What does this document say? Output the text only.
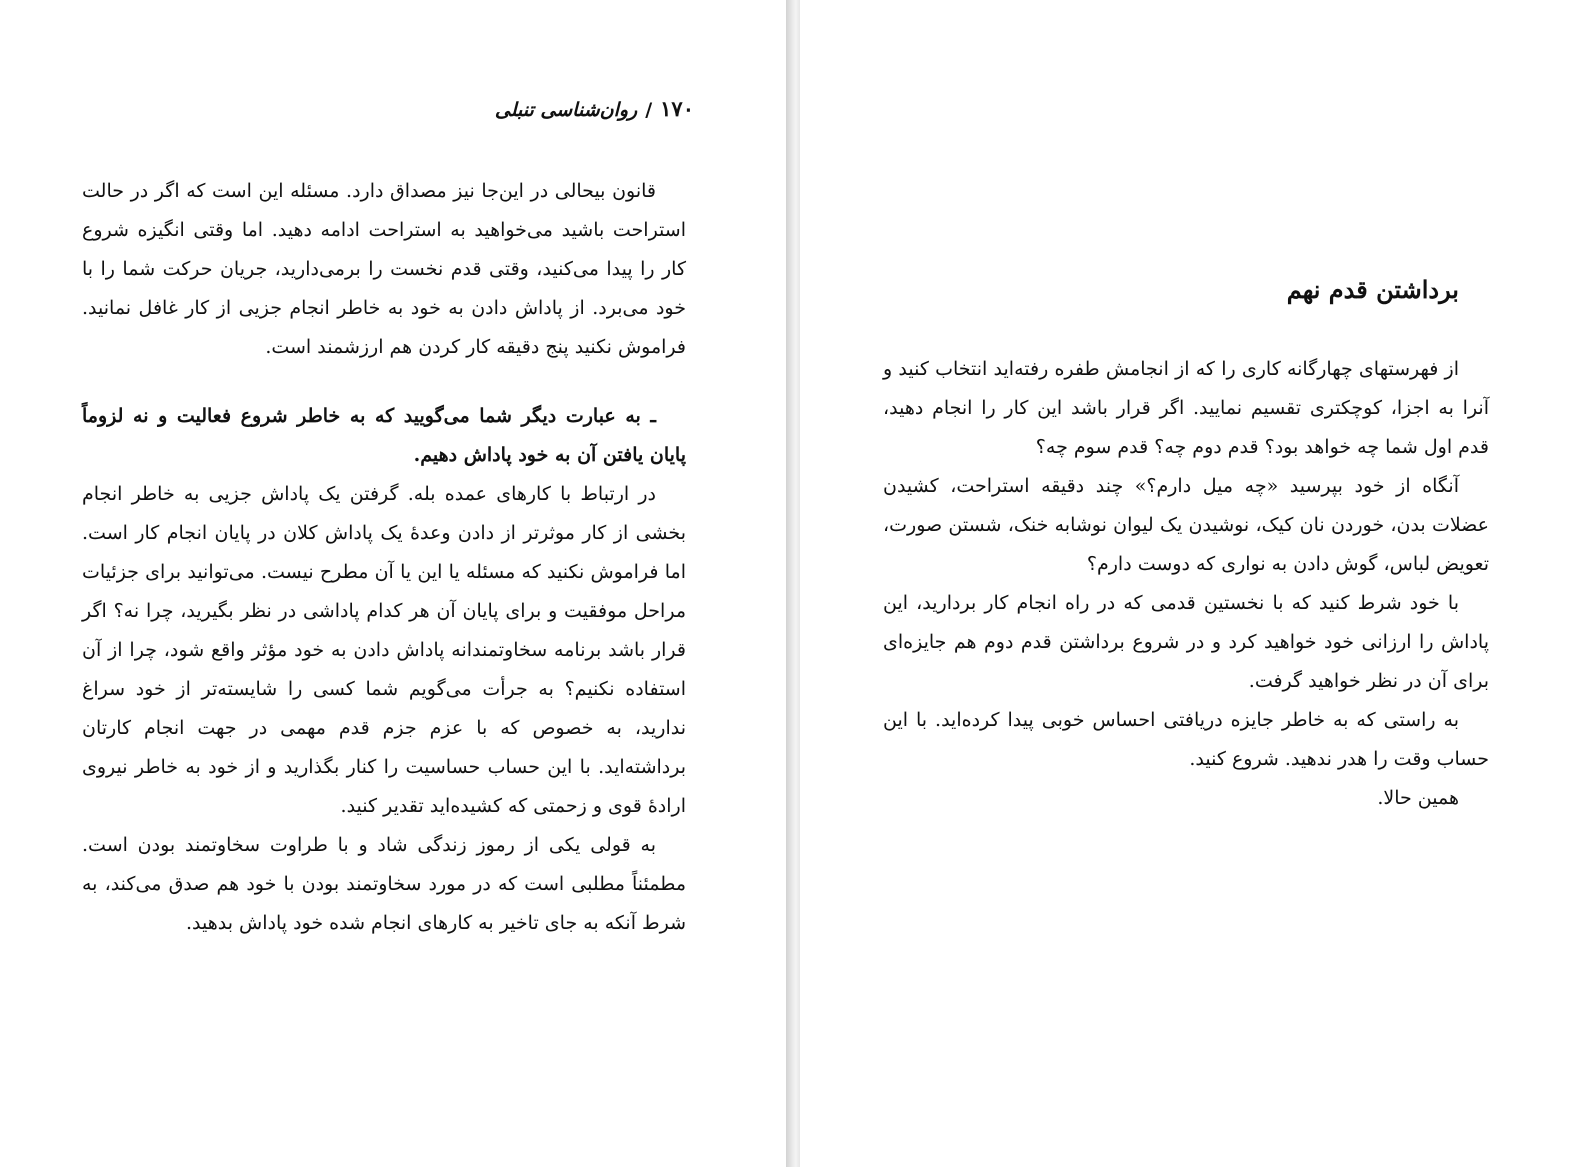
۱۷۰/روان‌شناسی تنبلی

قانون بیحالی در این‌جا نیز مصداق دارد. مسئله این است که اگر در حالت استراحت باشید می‌خواهید به استراحت ادامه دهید. اما وقتی انگیزه شروع کار را پیدا می‌کنید، وقتی قدم نخست را برمی‌دارید، جریان حرکت شما را با خود می‌برد. از پاداش دادن به خود به خاطر انجام جزیی از کار غافل نمانید. فراموش نکنید پنج دقیقه کار کردن هم ارزشمند است.

ـ به عبارت دیگر شما می‌گویید که به خاطر شروع فعالیت و نه لزوماً پایان یافتن آن به خود پاداش دهیم.

در ارتباط با کارهای عمده بله. گرفتن یک پاداش جزیی به خاطر انجام بخشی از کار موثرتر از دادن وعدهٔ یک پاداش کلان در پایان انجام کار است. اما فراموش نکنید که مسئله یا این یا آن مطرح نیست. می‌توانید برای جزئیات مراحل موفقیت و برای پایان آن هر کدام پاداشی در نظر بگیرید، چرا نه؟ اگر قرار باشد برنامه سخاوتمندانه پاداش دادن به خود مؤثر واقع شود، چرا از آن استفاده نکنیم؟ به جرأت می‌گویم شما کسی را شایسته‌تر از خود سراغ ندارید، به خصوص که با عزم جزم قدم مهمی در جهت انجام کارتان برداشته‌اید. با این حساب حساسیت را کنار بگذارید و از خود به خاطر نیروی ارادهٔ قوی و زحمتی که کشیده‌اید تقدیر کنید.

به قولی یکی از رموز زندگی شاد و با طراوت سخاوتمند بودن است. مطمئناً مطلبی است که در مورد سخاوتمند بودن با خود هم صدق می‌کند، به شرط آنکه به جای تاخیر به کارهای انجام شده خود پاداش بدهید.

برداشتن قدم نهم

از فهرستهای چهارگانه کاری را که از انجامش طفره رفته‌اید انتخاب کنید و آنرا به اجزا، کوچکتری تقسیم نمایید. اگر قرار باشد این کار را انجام دهید، قدم اول شما چه خواهد بود؟ قدم دوم چه؟ قدم سوم چه؟

آنگاه از خود بپرسید «چه میل دارم؟» چند دقیقه استراحت، کشیدن عضلات بدن، خوردن نان کیک، نوشیدن یک لیوان نوشابه خنک، شستن صورت، تعویض لباس، گوش دادن به نواری که دوست دارم؟

با خود شرط کنید که با نخستین قدمی که در راه انجام کار بردارید، این پاداش را ارزانی خود خواهید کرد و در شروع برداشتن قدم دوم هم جایزه‌ای برای آن در نظر خواهید گرفت.

به راستی که به خاطر جایزه دریافتی احساس خوبی پیدا کرده‌اید. با این حساب وقت را هدر ندهید. شروع کنید.

همین حالا.
